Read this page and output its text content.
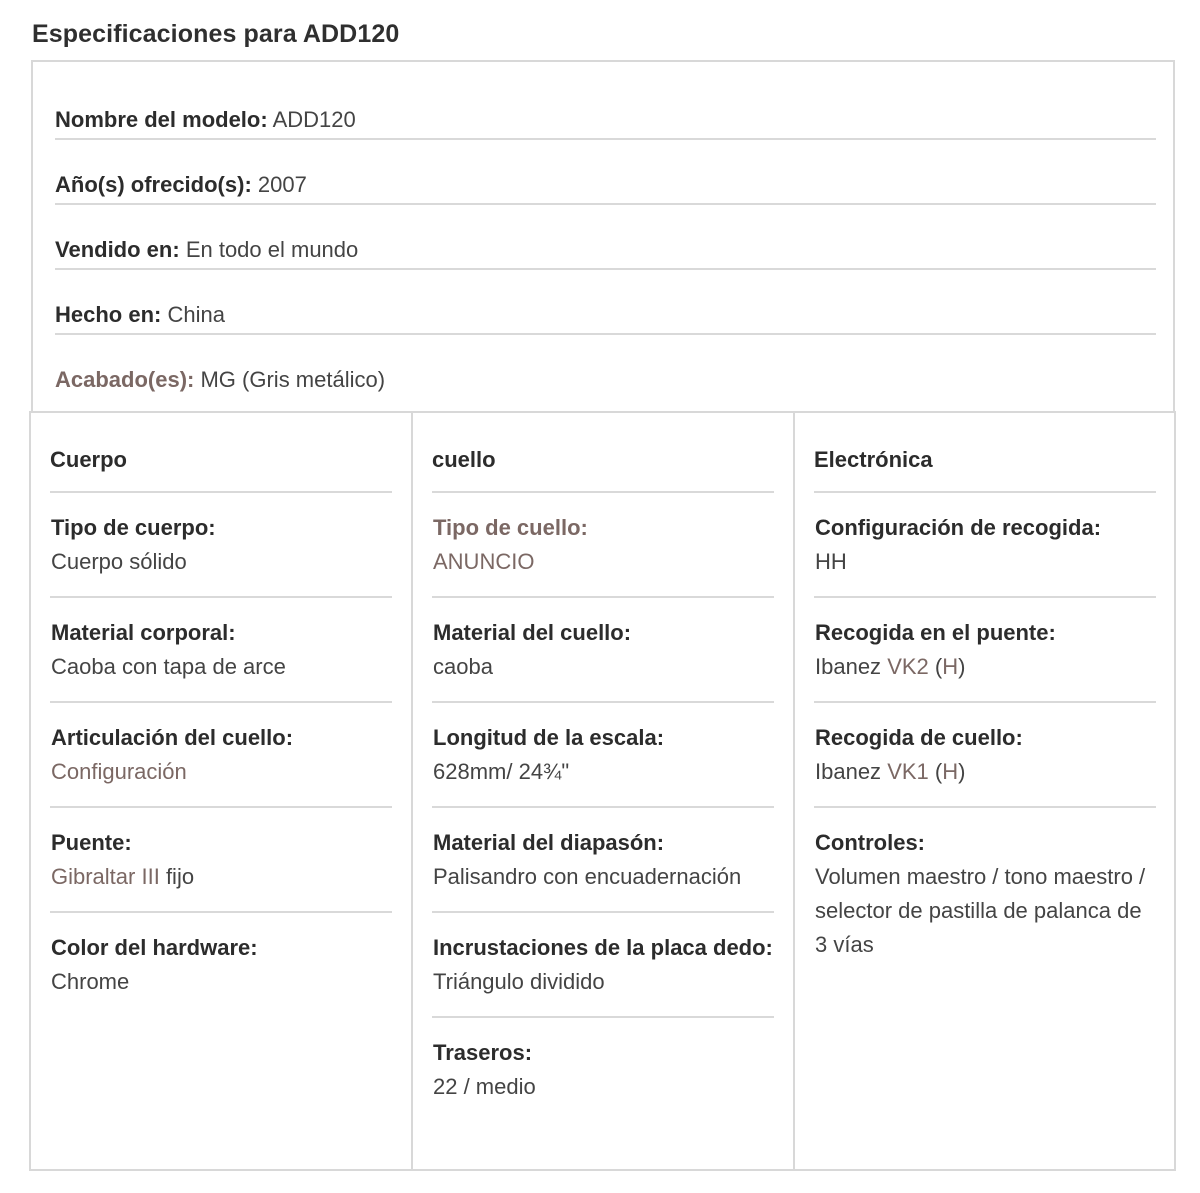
Especificaciones para ADD120
Nombre del modelo: ADD120
Año(s) ofrecido(s): 2007
Vendido en: En todo el mundo
Hecho en: China
Acabado(es): MG (Gris metálico)
Cuerpo
Tipo de cuerpo:
Cuerpo sólido
Material corporal:
Caoba con tapa de arce
Articulación del cuello:
Configuración
Puente:
Gibraltar III fijo
Color del hardware:
Chrome
cuello
Tipo de cuello:
ANUNCIO
Material del cuello:
caoba
Longitud de la escala:
628mm/ 24¾"
Material del diapasón:
Palisandro con encuadernación
Incrustaciones de la placa dedo:
Triángulo dividido
Traseros:
22 / medio
Electrónica
Configuración de recogida:
HH
Recogida en el puente:
Ibanez VK2 (H)
Recogida de cuello:
Ibanez VK1 (H)
Controles:
Volumen maestro / tono maestro / selector de pastilla de palanca de 3 vías
